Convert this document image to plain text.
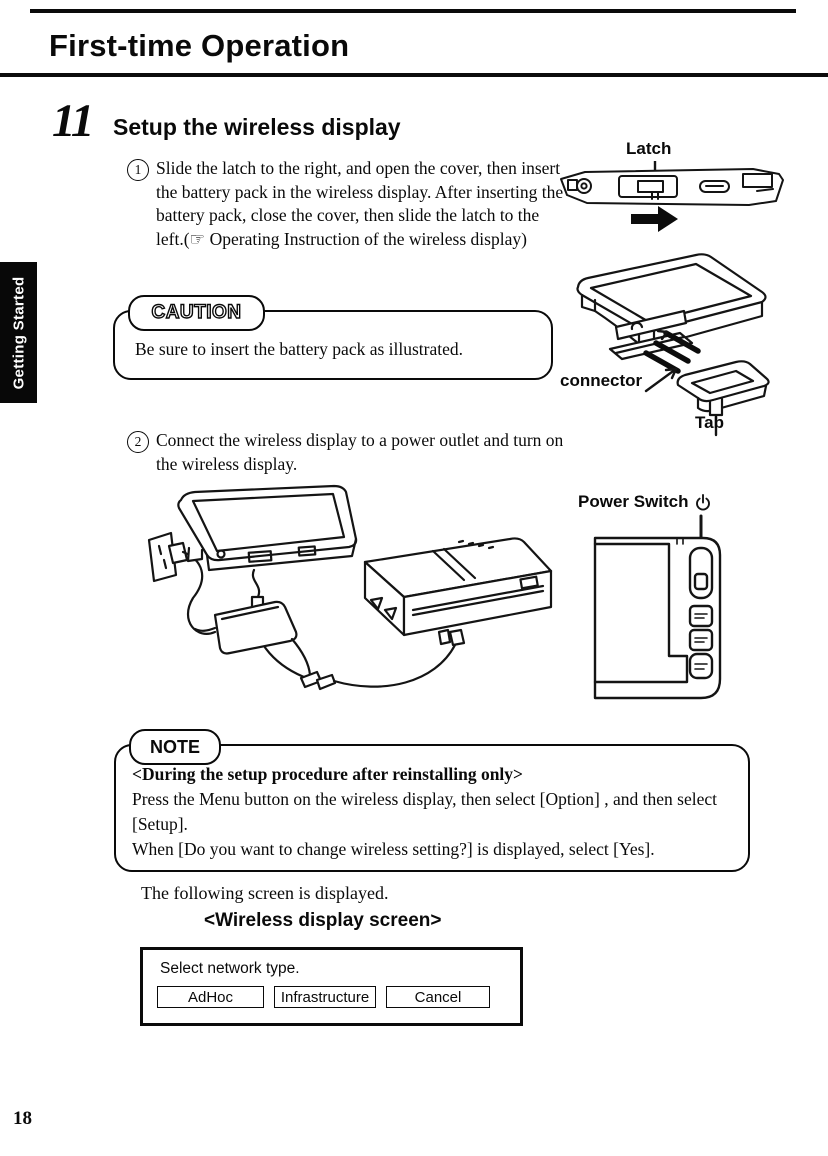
First-time Operation
Getting Started
11 Setup the wireless display
1 Slide the latch to the right, and open the cover, then insert the battery pack in the wireless display. After inserting the battery pack, close the cover, then slide the latch to the left.(☞ Operating Instruction of the wireless display)
Latch
connector
Tab
CAUTION
Be sure to insert the battery pack as illustrated.
2 Connect the wireless display to a power outlet and turn on the wireless display.
Power Switch
NOTE

<During the setup procedure after reinstalling only>

Press the Menu button on the wireless display, then select [Option] , and then select [Setup].

When [Do you want to change wireless setting?] is displayed, select [Yes].

The following screen is displayed.
<Wireless display screen>
Select network type.
AdHoc	Infrastructure	Cancel
18
